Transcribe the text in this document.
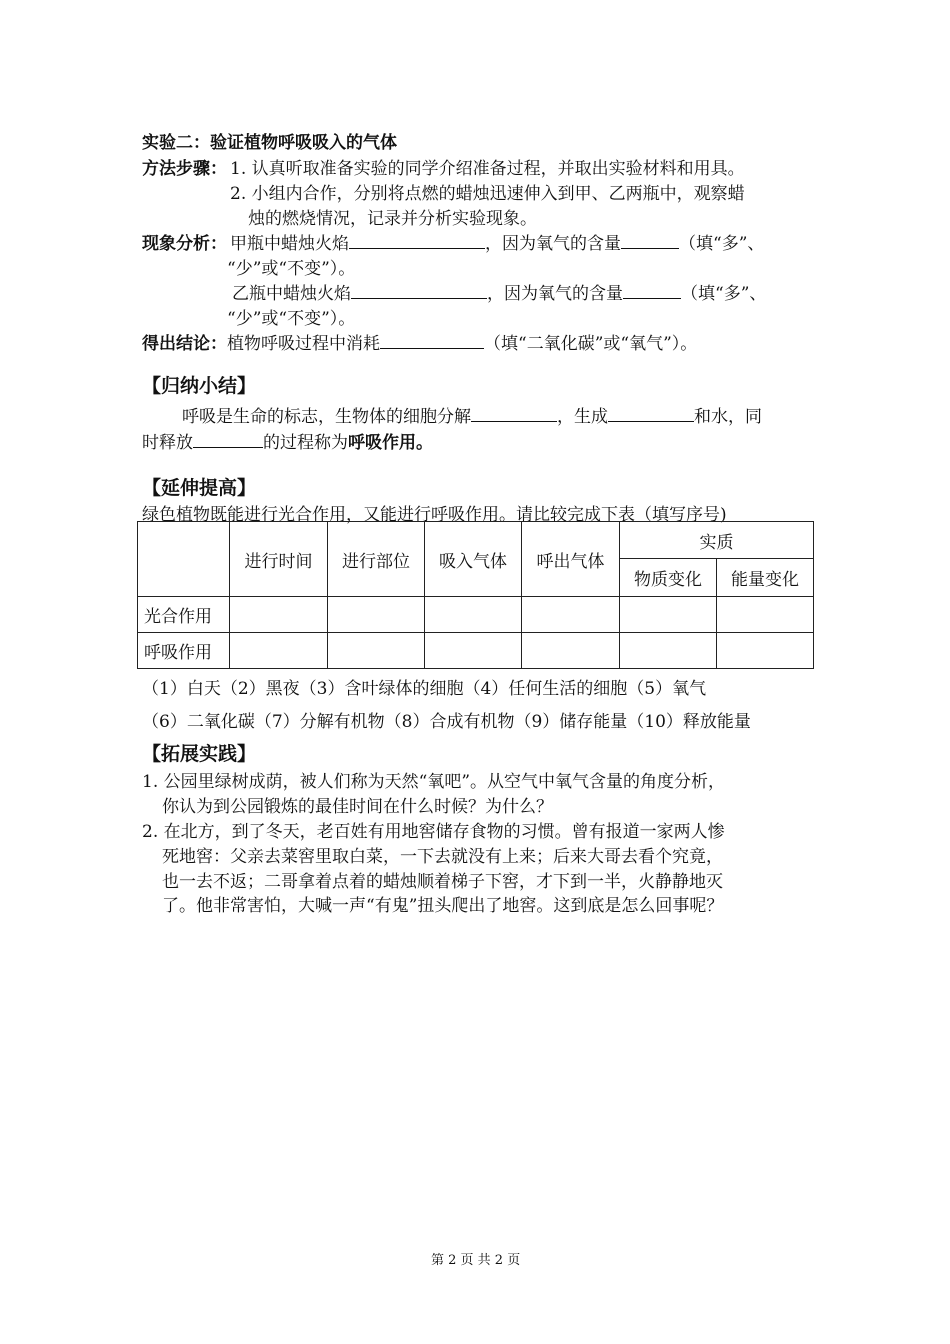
实验二：验证植物呼吸吸入的气体
方法步骤： 1. 认真听取准备实验的同学介绍准备过程，并取出实验材料和用具。
2. 小组内合作，分别将点燃的蜡烛迅速伸入到甲、乙两瓶中，观察蜡
烛的燃烧情况，记录并分析实验现象。
现象分析： 甲瓶中蜡烛火焰	，因为氧气的含量	（填“多”、
“少”或“不变”）。
乙瓶中蜡烛火焰	，因为氧气的含量	（填“多”、
“少”或“不变”）。
得出结论：植物呼吸过程中消耗	（填“二氧化碳”或“氧气”）。
【归纳小结】
呼吸是生命的标志，生物体的细胞分解	，生成	和水，同
时释放	的过程称为呼吸作用。
【延伸提高】
绿色植物既能进行光合作用，又能进行呼吸作用。请比较完成下表（填写序号)
	进行时间	进行部位	吸入气体	呼出气体	实质	
					物质变化	能量变化
光合作用						
呼吸作用						
（1）白天（2）黑夜（3）含叶绿体的细胞（4）任何生活的细胞（5）氧气
（6）二氧化碳（7）分解有机物（8）合成有机物（9）储存能量（10）释放能量
【拓展实践】
1. 公园里绿树成荫，被人们称为天然“氧吧”。从空气中氧气含量的角度分析，
你认为到公园锻炼的最佳时间在什么时候？为什么？
2. 在北方，到了冬天，老百姓有用地窖储存食物的习惯。曾有报道一家两人惨
死地窖：父亲去菜窖里取白菜，一下去就没有上来；后来大哥去看个究竟，
也一去不返；二哥拿着点着的蜡烛顺着梯子下窖，才下到一半，火静静地灭
了。他非常害怕，大喊一声“有鬼”扭头爬出了地窖。这到底是怎么回事呢？
第 2 页 共 2 页
